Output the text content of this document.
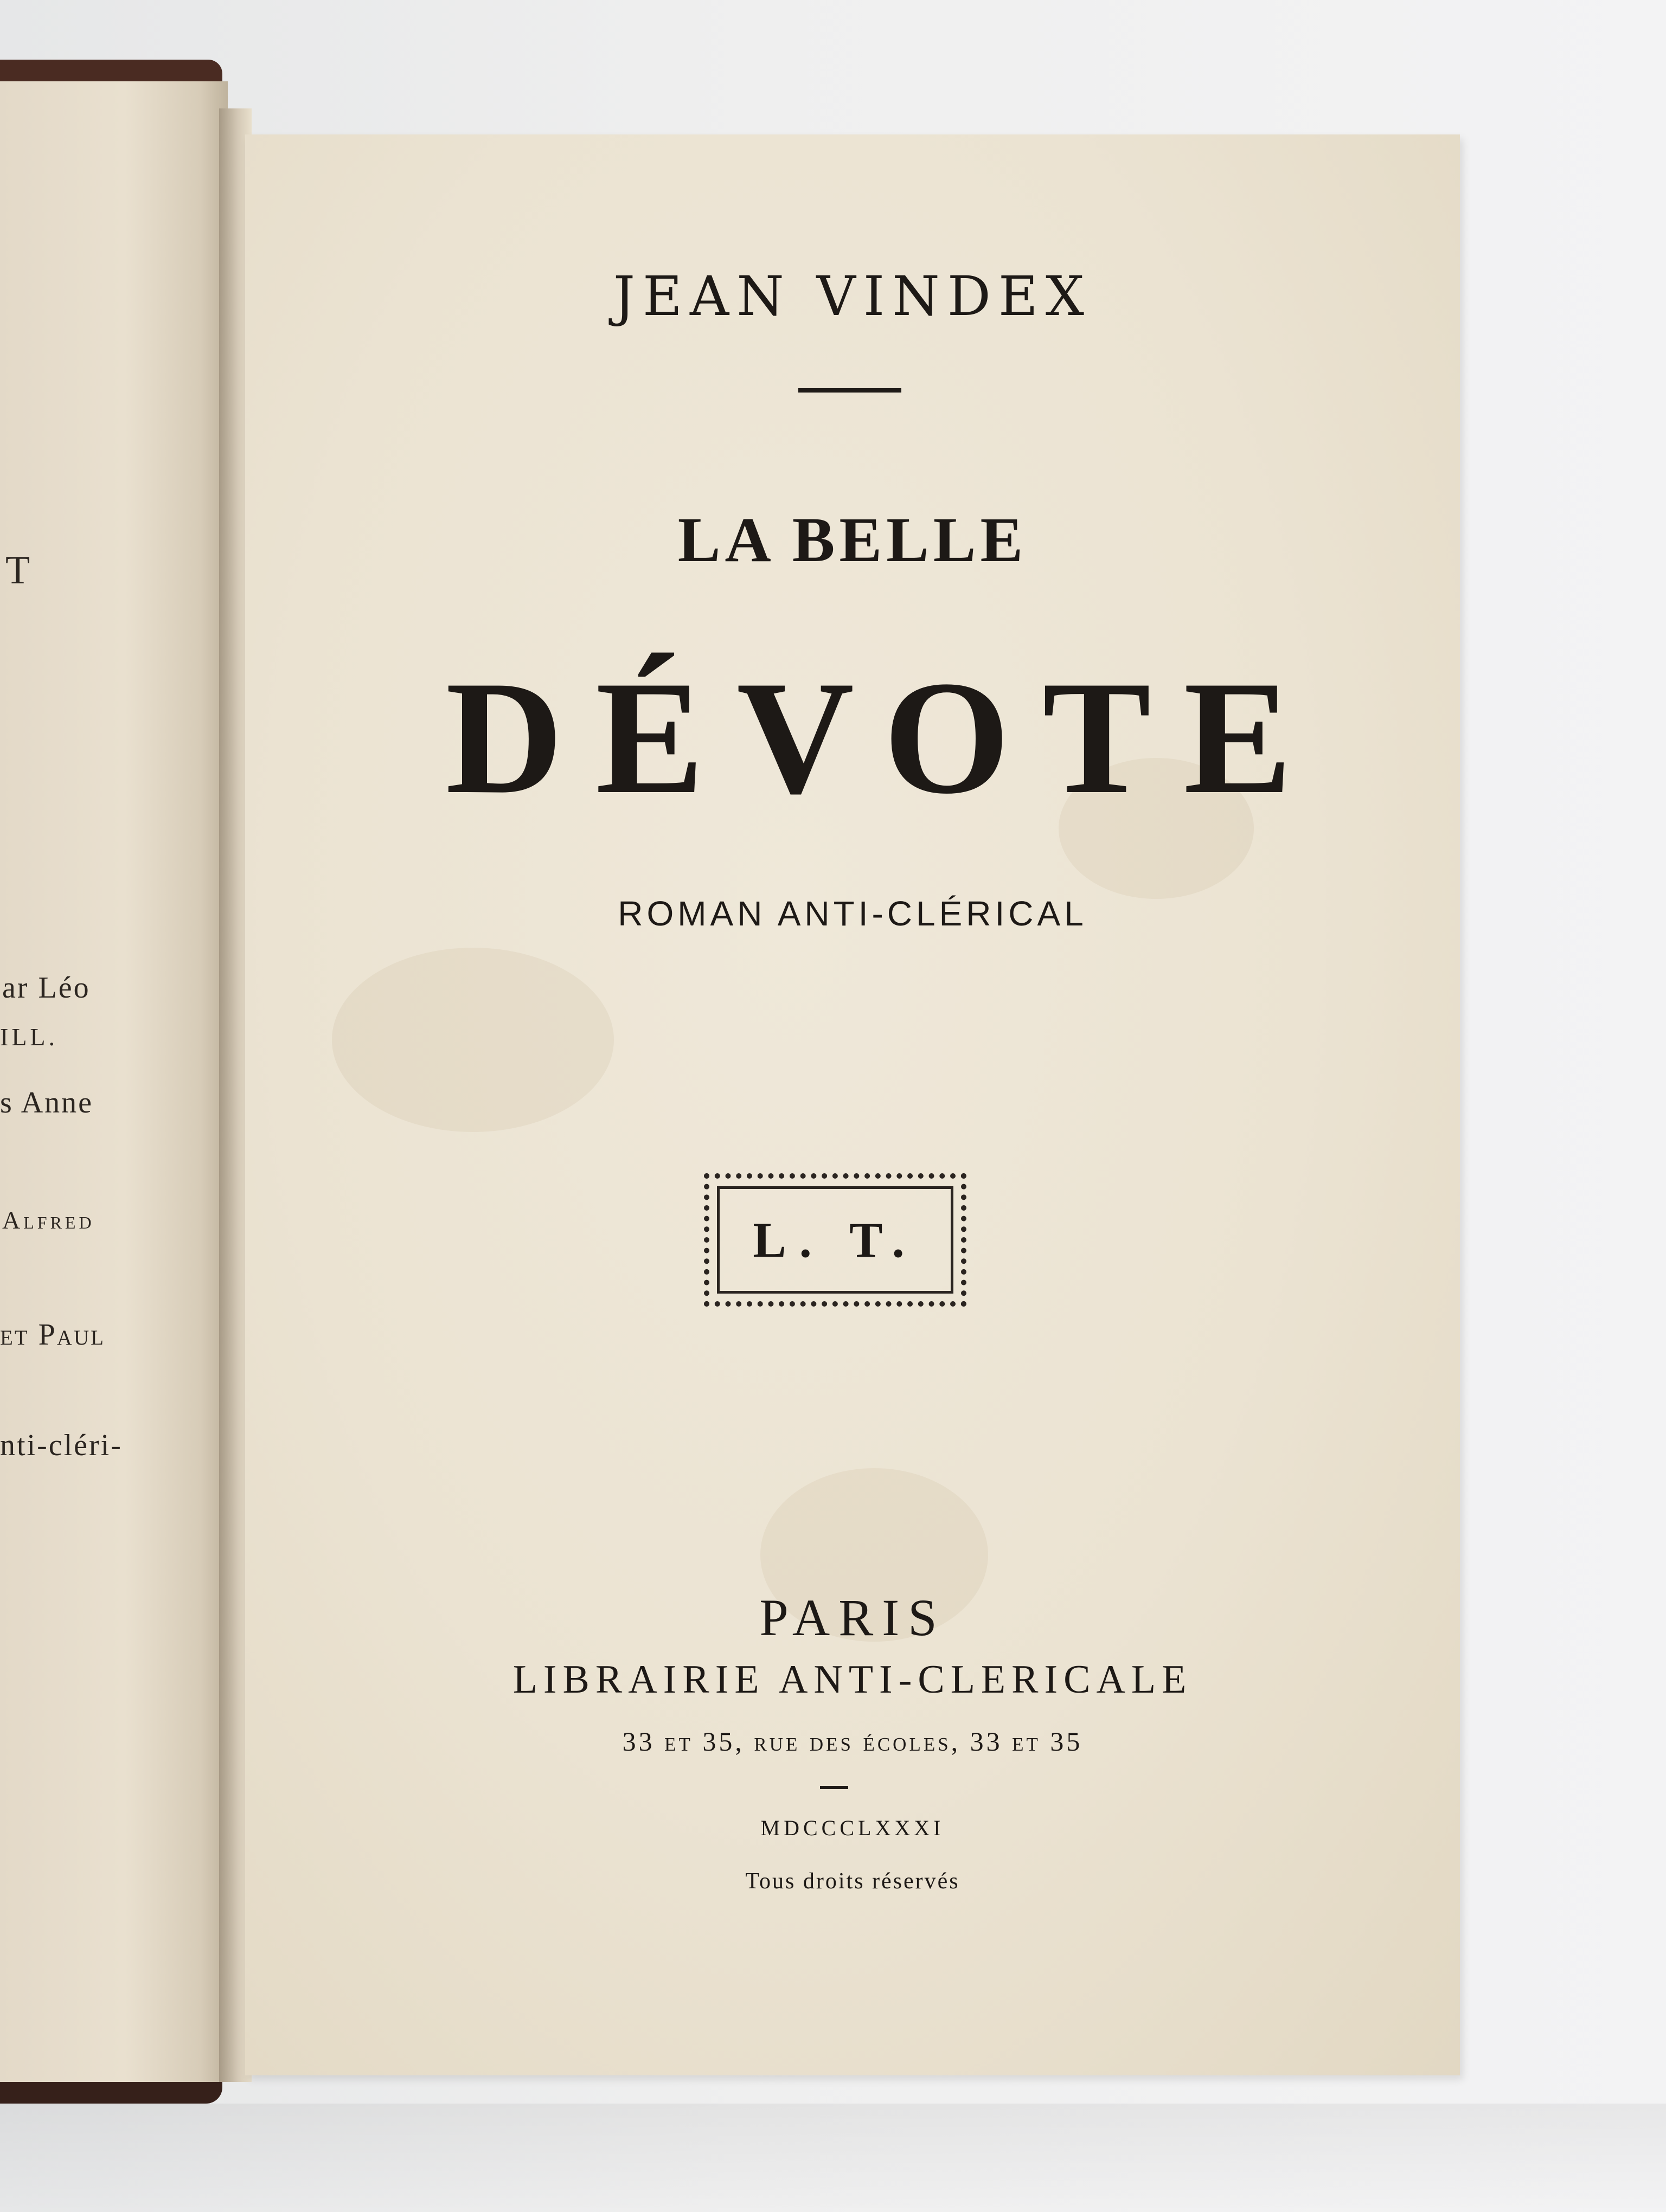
T
ar Léo
ILL.
s Anne
Alfred
et Paul
nti-cléri-
JEAN VINDEX
LA BELLE
DÉVOTE
ROMAN ANTI-CLÉRICAL
L. T.
PARIS
LIBRAIRIE ANTI-CLERICALE
33 et 35, rue des écoles, 33 et 35
MDCCCLXXXI
Tous droits réservés
